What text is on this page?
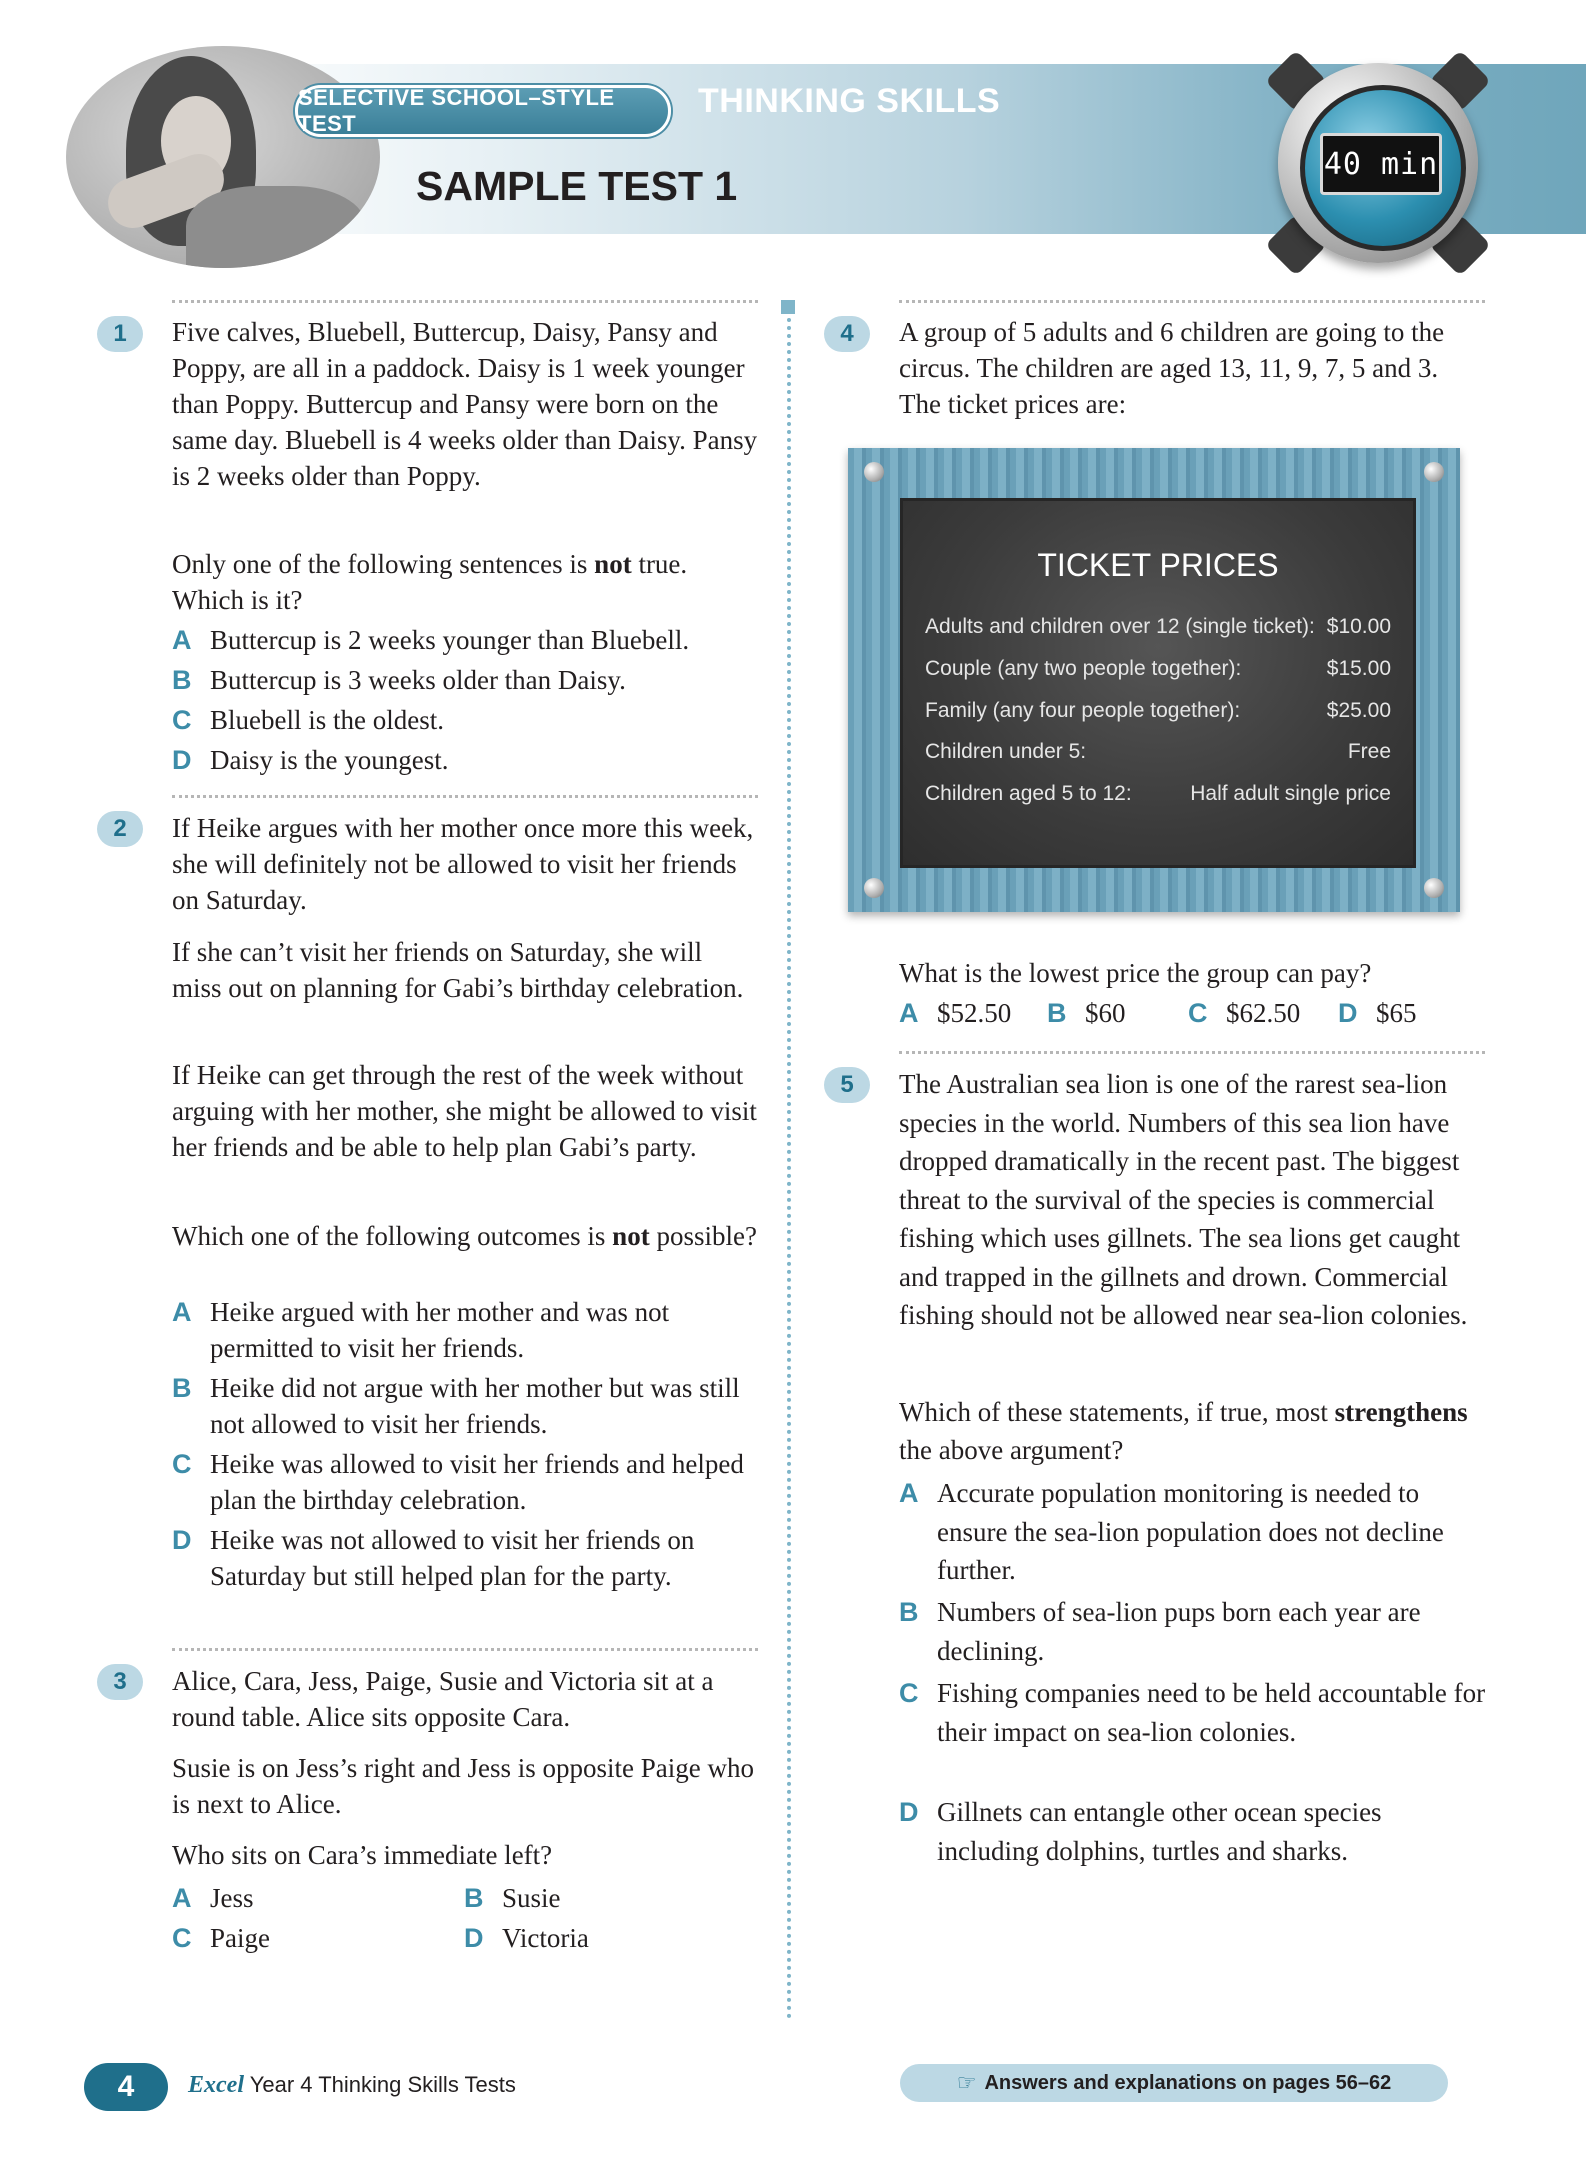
SELECTIVE SCHOOL–STYLE TEST
THINKING SKILLS
SAMPLE TEST 1	40 min
1	Five calves, Bluebell, Buttercup, Daisy, Pansy and Poppy, are all in a paddock. Daisy is 1 week younger than Poppy. Buttercup and Pansy were born on the same day. Bluebell is 4 weeks older than Daisy. Pansy is 2 weeks older than Poppy.

Only one of the following sentences is not true. Which is it?

A Buttercup is 2 weeks younger than Bluebell.
B Buttercup is 3 weeks older than Daisy.
C Bluebell is the oldest.
D Daisy is the youngest.
2	If Heike argues with her mother once more this week, she will definitely not be allowed to visit her friends on Saturday.

If she can’t visit her friends on Saturday, she will miss out on planning for Gabi’s birthday celebration.

If Heike can get through the rest of the week without arguing with her mother, she might be allowed to visit her friends and be able to help plan Gabi’s party.

Which one of the following outcomes is not possible?

A Heike argued with her mother and was not permitted to visit her friends.
B Heike did not argue with her mother but was still not allowed to visit her friends.
C Heike was allowed to visit her friends and helped plan the birthday celebration.
D Heike was not allowed to visit her friends on Saturday but still helped plan for the party.
3	Alice, Cara, Jess, Paige, Susie and Victoria sit at a round table. Alice sits opposite Cara.

Susie is on Jess’s right and Jess is opposite Paige who is next to Alice.

Who sits on Cara’s immediate left?

A Jess	B Susie
C Paige	D Victoria
4	A group of 5 adults and 6 children are going to the circus. The children are aged 13, 11, 9, 7, 5 and 3. The ticket prices are:

TICKET PRICES
Adults and children over 12 (single ticket): $10.00
Couple (any two people together):	$15.00
Family (any four people together):	$25.00
Children under 5:	Free
Children aged 5 to 12:	Half adult single price

What is the lowest price the group can pay?

A $52.50 B $60 C $62.50 D $65
5	The Australian sea lion is one of the rarest sea-lion species in the world. Numbers of this sea lion have dropped dramatically in the recent past. The biggest threat to the survival of the species is commercial fishing which uses gillnets. The sea lions get caught and trapped in the gillnets and drown. Commercial fishing should not be allowed near sea-lion colonies.

Which of these statements, if true, most strengthens the above argument?

A Accurate population monitoring is needed to ensure the sea-lion population does not decline further.
B Numbers of sea-lion pups born each year are declining.
C Fishing companies need to be held accountable for their impact on sea-lion colonies.
D Gillnets can entangle other ocean species including dolphins, turtles and sharks.
4	Excel Year 4 Thinking Skills Tests	☞ Answers and explanations on pages 56–62
